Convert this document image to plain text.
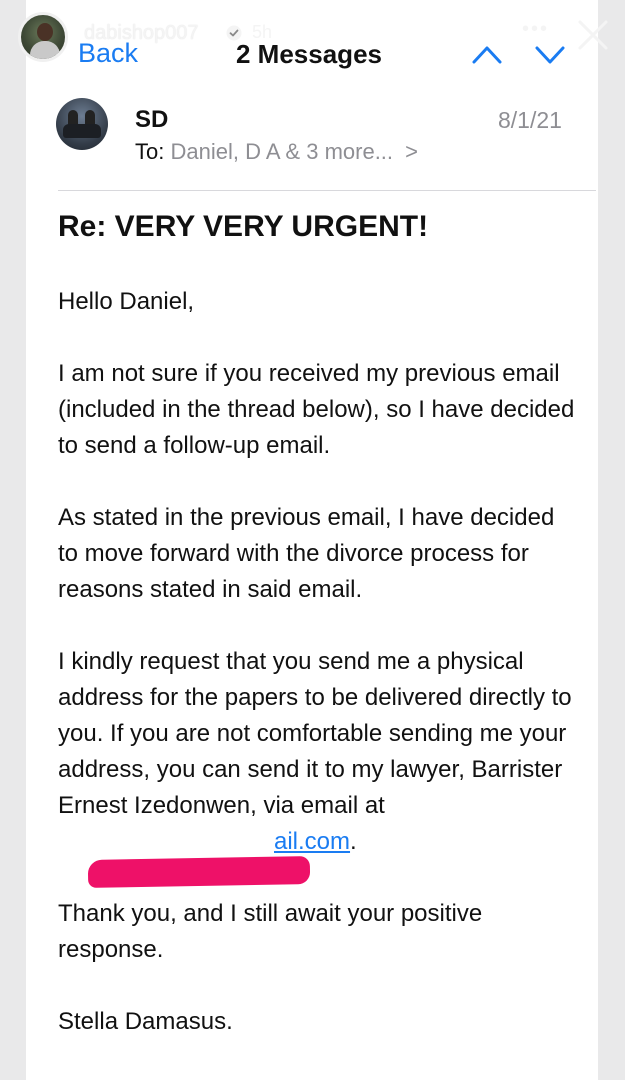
dabishop007	5h	•••
Back	2 Messages
SD	8/1/21
To: Daniel, D A & 3 more... >
Re: VERY VERY URGENT!

Hello Daniel,

I am not sure if you received my previous email (included in the thread below), so I have decided to send a follow-up email.

As stated in the previous email, I have decided to move forward with the divorce process for reasons stated in said email.

I kindly request that you send me a physical address for the papers to be delivered directly to you. If you are not comfortable sending me your address, you can send it to my lawyer, Barrister Ernest Izedonwen, via email at ail.com.

Thank you, and I still await your positive response.

Stella Damasus.
